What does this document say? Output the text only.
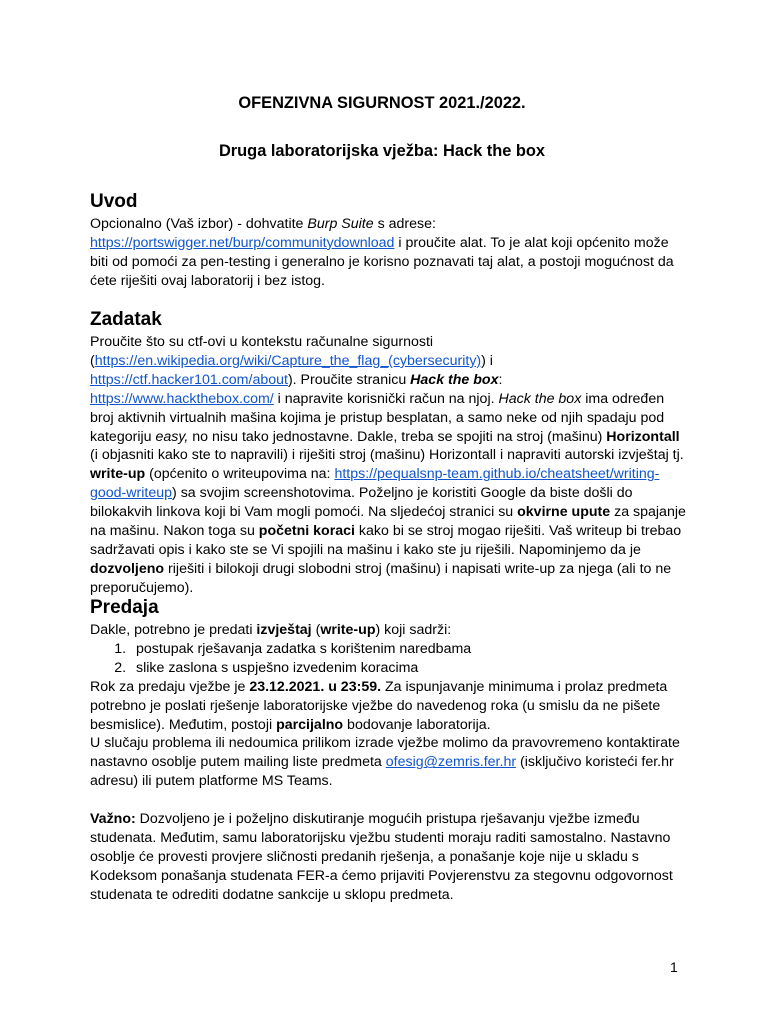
OFENZIVNA SIGURNOST 2021./2022.
Druga laboratorijska vježba: Hack the box
Uvod

Opcionalno (Vaš izbor) - dohvatite Burp Suite s adrese:
https://portswigger.net/burp/communitydownload i proučite alat. To je alat koji općenito može biti od pomoći za pen-testing i generalno je korisno poznavati taj alat, a postoji mogućnost da ćete riješiti ovaj laboratorij i bez istog.

Zadatak

Proučite što su ctf-ovi u kontekstu računalne sigurnosti (https://en.wikipedia.org/wiki/Capture_the_flag_(cybersecurity)) i https://ctf.hacker101.com/about). Proučite stranicu Hack the box: https://www.hackthebox.com/ i napravite korisnički račun na njoj. Hack the box ima određen broj aktivnih virtualnih mašina kojima je pristup besplatan, a samo neke od njih spadaju pod kategoriju easy, no nisu tako jednostavne. Dakle, treba se spojiti na stroj (mašinu) Horizontall (i objasniti kako ste to napravili) i riješiti stroj (mašinu) Horizontall i napraviti autorski izvještaj tj. write-up (općenito o writeupovima na: https://pequalsnp-team.github.io/cheatsheet/writing-good-writeup) sa svojim screenshotovima. Poželjno je koristiti Google da biste došli do bilokakvih linkova koji bi Vam mogli pomoći. Na sljedećoj stranici su okvirne upute za spajanje na mašinu. Nakon toga su početni koraci kako bi se stroj mogao riješiti. Vaš writeup bi trebao sadržavati opis i kako ste se Vi spojili na mašinu i kako ste ju riješili. Napominjemo da je dozvoljeno riješiti i bilokoji drugi slobodni stroj (mašinu) i napisati write-up za njega (ali to ne preporučujemo).

Predaja

Dakle, potrebno je predati izvještaj (write-up) koji sadrži:

1. postupak rješavanja zadatka s korištenim naredbama
2. slike zaslona s uspješno izvedenim koracima

Rok za predaju vježbe je 23.12.2021. u 23:59. Za ispunjavanje minimuma i prolaz predmeta potrebno je poslati rješenje laboratorijske vježbe do navedenog roka (u smislu da ne pišete besmislice). Međutim, postoji parcijalno bodovanje laboratorija.

U slučaju problema ili nedoumica prilikom izrade vježbe molimo da pravovremeno kontaktirate nastavno osoblje putem mailing liste predmeta ofesig@zemris.fer.hr (isključivo koristeći fer.hr adresu) ili putem platforme MS Teams.

Važno: Dozvoljeno je i poželjno diskutiranje mogućih pristupa rješavanju vježbe između studenata. Međutim, samu laboratorijsku vježbu studenti moraju raditi samostalno. Nastavno osoblje će provesti provjere sličnosti predanih rješenja, a ponašanje koje nije u skladu s Kodeksom ponašanja studenata FER-a ćemo prijaviti Povjerenstvu za stegovnu odgovornost studenata te odrediti dodatne sankcije u sklopu predmeta.

1
